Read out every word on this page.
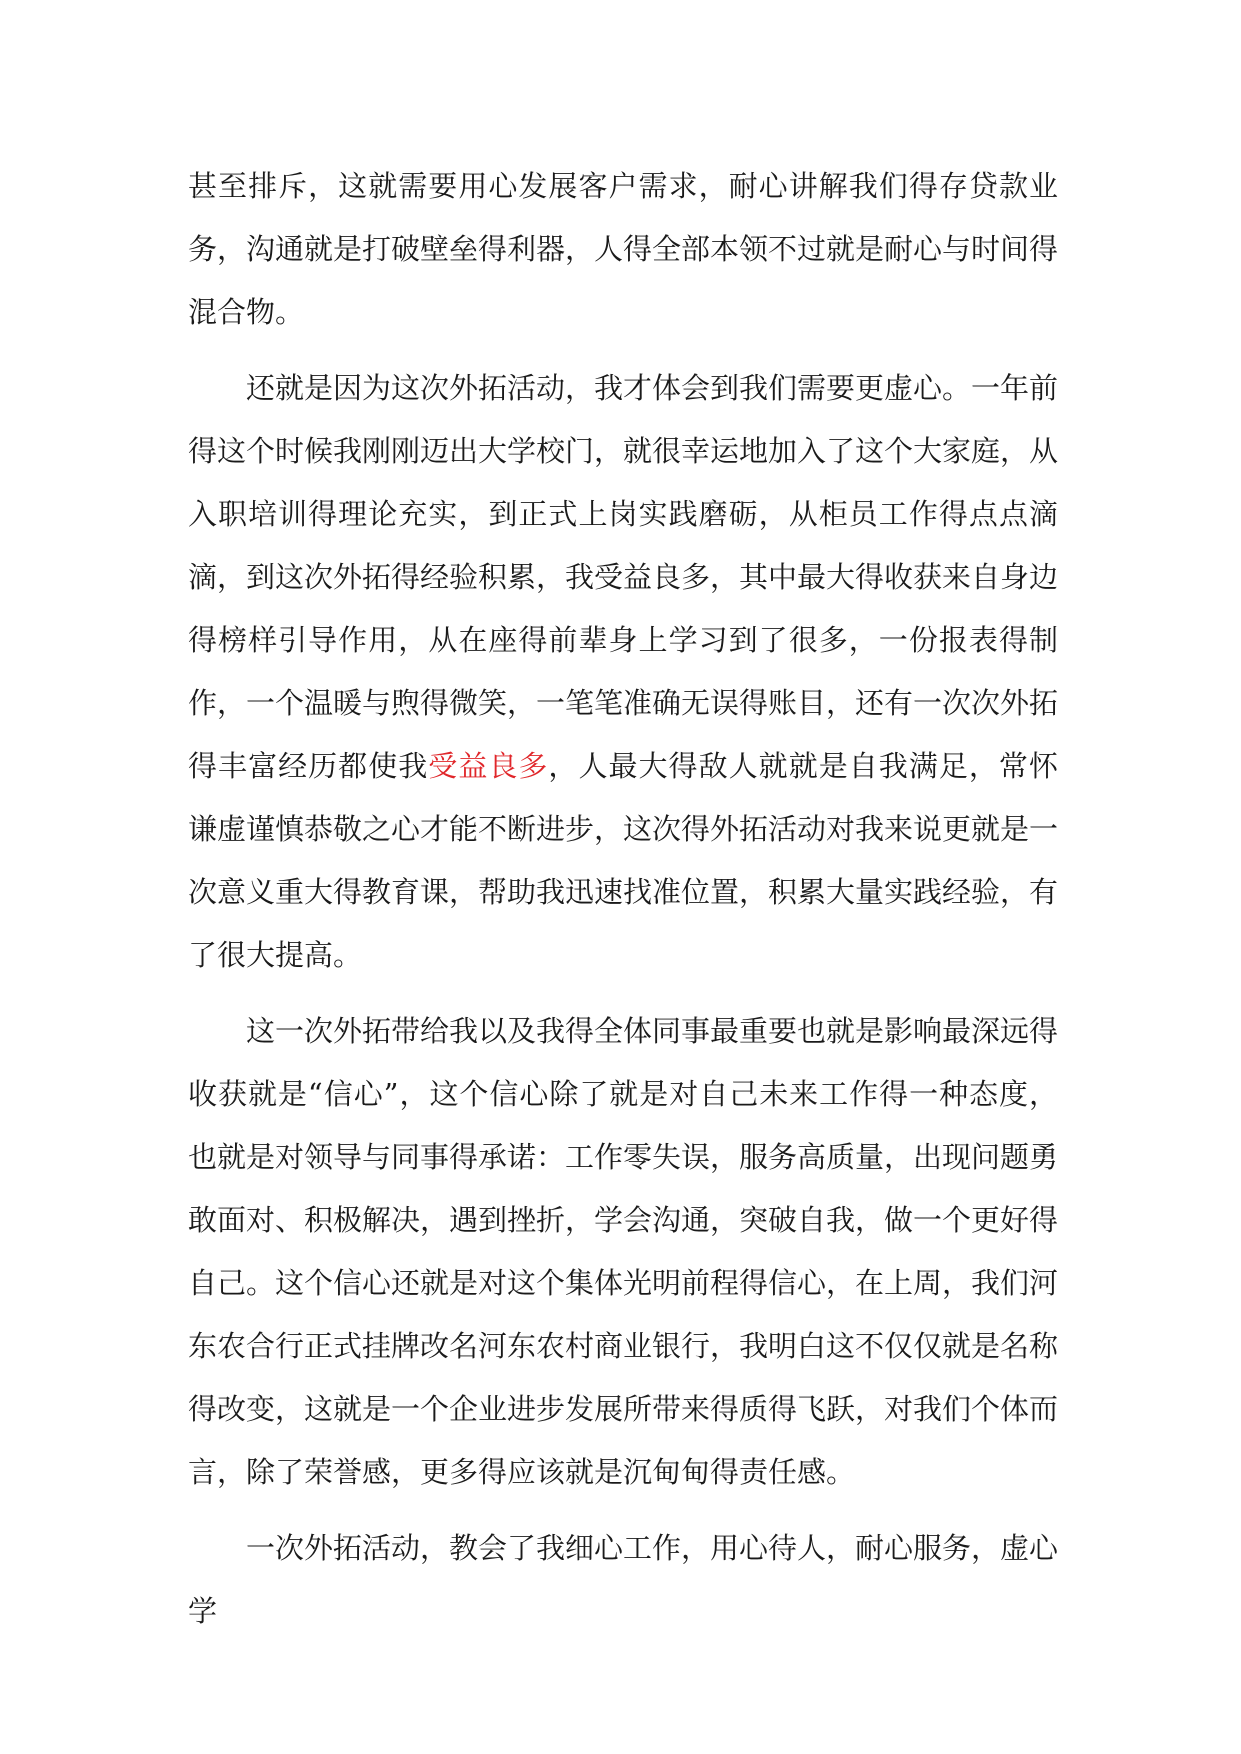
甚至排斥，这就需要用心发展客户需求，耐心讲解我们得存贷款业务，沟通就是打破壁垒得利器，人得全部本领不过就是耐心与时间得混合物。

还就是因为这次外拓活动，我才体会到我们需要更虚心。一年前得这个时候我刚刚迈出大学校门，就很幸运地加入了这个大家庭，从入职培训得理论充实，到正式上岗实践磨砺，从柜员工作得点点滴滴，到这次外拓得经验积累，我受益良多，其中最大得收获来自身边得榜样引导作用，从在座得前辈身上学习到了很多，一份报表得制作，一个温暖与煦得微笑，一笔笔准确无误得账目，还有一次次外拓得丰富经历都使我受益良多，人最大得敌人就就是自我满足，常怀谦虚谨慎恭敬之心才能不断进步，这次得外拓活动对我来说更就是一次意义重大得教育课，帮助我迅速找准位置，积累大量实践经验，有了很大提高。

这一次外拓带给我以及我得全体同事最重要也就是影响最深远得收获就是“信心”，这个信心除了就是对自己未来工作得一种态度，也就是对领导与同事得承诺：工作零失误，服务高质量，出现问题勇敢面对、积极解决，遇到挫折，学会沟通，突破自我，做一个更好得自己。这个信心还就是对这个集体光明前程得信心，在上周，我们河东农合行正式挂牌改名河东农村商业银行，我明白这不仅仅就是名称得改变，这就是一个企业进步发展所带来得质得飞跃，对我们个体而言，除了荣誉感，更多得应该就是沉甸甸得责任感。

一次外拓活动，教会了我细心工作，用心待人，耐心服务，虚心学
